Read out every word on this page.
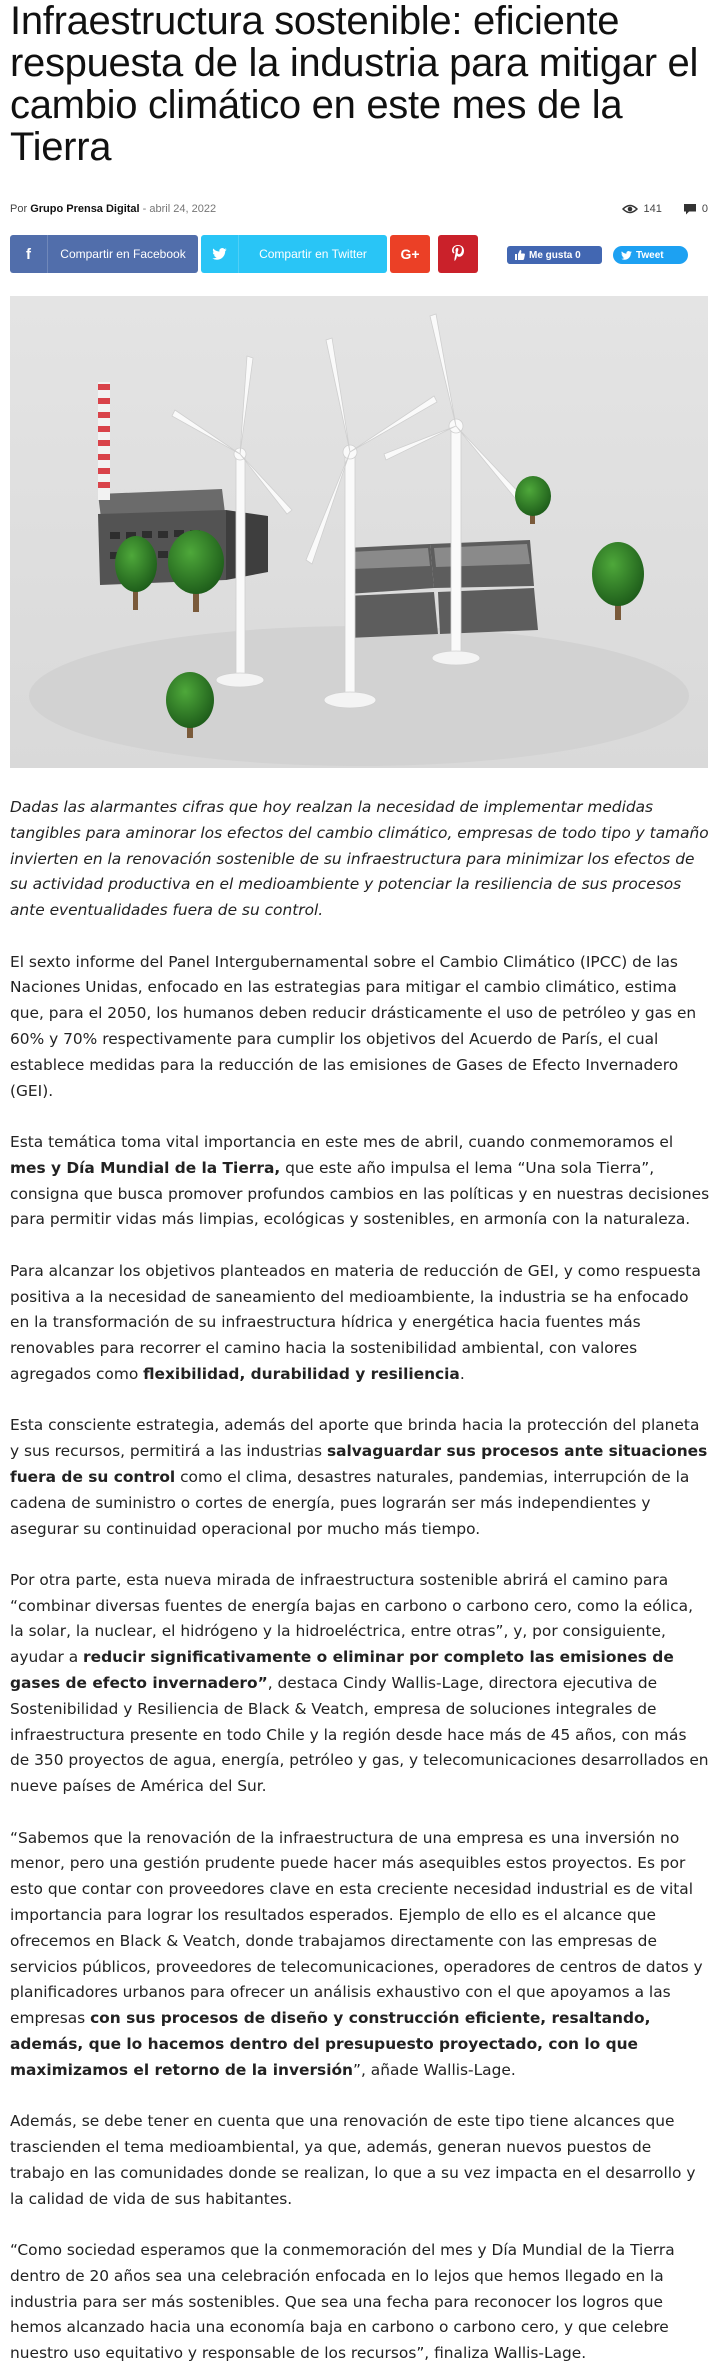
Infraestructura sostenible: eficiente respuesta de la industria para mitigar el cambio climático en este mes de la Tierra
Por Grupo Prensa Digital - abril 24, 2022	141	0
f	Compartir en Facebook	Compartir en Twitter	G+	Me gusta 0	Tweet

Dadas las alarmantes cifras que hoy realzan la necesidad de implementar medidas tangibles para aminorar los efectos del cambio climático, empresas de todo tipo y tamaño invierten en la renovación sostenible de su infraestructura para minimizar los efectos de su actividad productiva en el medioambiente y potenciar la resiliencia de sus procesos ante eventualidades fuera de su control.

El sexto informe del Panel Intergubernamental sobre el Cambio Climático (IPCC) de las Naciones Unidas, enfocado en las estrategias para mitigar el cambio climático, estima que, para el 2050, los humanos deben reducir drásticamente el uso de petróleo y gas en 60% y 70% respectivamente para cumplir los objetivos del Acuerdo de París, el cual establece medidas para la reducción de las emisiones de Gases de Efecto Invernadero (GEI).

Esta temática toma vital importancia en este mes de abril, cuando conmemoramos el mes y Día Mundial de la Tierra, que este año impulsa el lema “Una sola Tierra”, consigna que busca promover profundos cambios en las políticas y en nuestras decisiones para permitir vidas más limpias, ecológicas y sostenibles, en armonía con la naturaleza.

Para alcanzar los objetivos planteados en materia de reducción de GEI, y como respuesta positiva a la necesidad de saneamiento del medioambiente, la industria se ha enfocado en la transformación de su infraestructura hídrica y energética hacia fuentes más renovables para recorrer el camino hacia la sostenibilidad ambiental, con valores agregados como flexibilidad, durabilidad y resiliencia.

Esta consciente estrategia, además del aporte que brinda hacia la protección del planeta y sus recursos, permitirá a las industrias salvaguardar sus procesos ante situaciones fuera de su control como el clima, desastres naturales, pandemias, interrupción de la cadena de suministro o cortes de energía, pues lograrán ser más independientes y asegurar su continuidad operacional por mucho más tiempo.

Por otra parte, esta nueva mirada de infraestructura sostenible abrirá el camino para “combinar diversas fuentes de energía bajas en carbono o carbono cero, como la eólica, la solar, la nuclear, el hidrógeno y la hidroeléctrica, entre otras”, y, por consiguiente, ayudar a reducir significativamente o eliminar por completo las emisiones de gases de efecto invernadero”, destaca Cindy Wallis-Lage, directora ejecutiva de Sostenibilidad y Resiliencia de Black & Veatch, empresa de soluciones integrales de infraestructura presente en todo Chile y la región desde hace más de 45 años, con más de 350 proyectos de agua, energía, petróleo y gas, y telecomunicaciones desarrollados en nueve países de América del Sur.

“Sabemos que la renovación de la infraestructura de una empresa es una inversión no menor, pero una gestión prudente puede hacer más asequibles estos proyectos. Es por esto que contar con proveedores clave en esta creciente necesidad industrial es de vital importancia para lograr los resultados esperados. Ejemplo de ello es el alcance que ofrecemos en Black & Veatch, donde trabajamos directamente con las empresas de servicios públicos, proveedores de telecomunicaciones, operadores de centros de datos y planificadores urbanos para ofrecer un análisis exhaustivo con el que apoyamos a las empresas con sus procesos de diseño y construcción eficiente, resaltando, además, que lo hacemos dentro del presupuesto proyectado, con lo que maximizamos el retorno de la inversión”, añade Wallis-Lage.

Además, se debe tener en cuenta que una renovación de este tipo tiene alcances que trascienden el tema medioambiental, ya que, además, generan nuevos puestos de trabajo en las comunidades donde se realizan, lo que a su vez impacta en el desarrollo y la calidad de vida de sus habitantes.

“Como sociedad esperamos que la conmemoración del mes y Día Mundial de la Tierra dentro de 20 años sea una celebración enfocada en lo lejos que hemos llegado en la industria para ser más sostenibles. Que sea una fecha para reconocer los logros que hemos alcanzado hacia una economía baja en carbono o carbono cero, y que celebre nuestro uso equitativo y responsable de los recursos”, finaliza Wallis-Lage.
